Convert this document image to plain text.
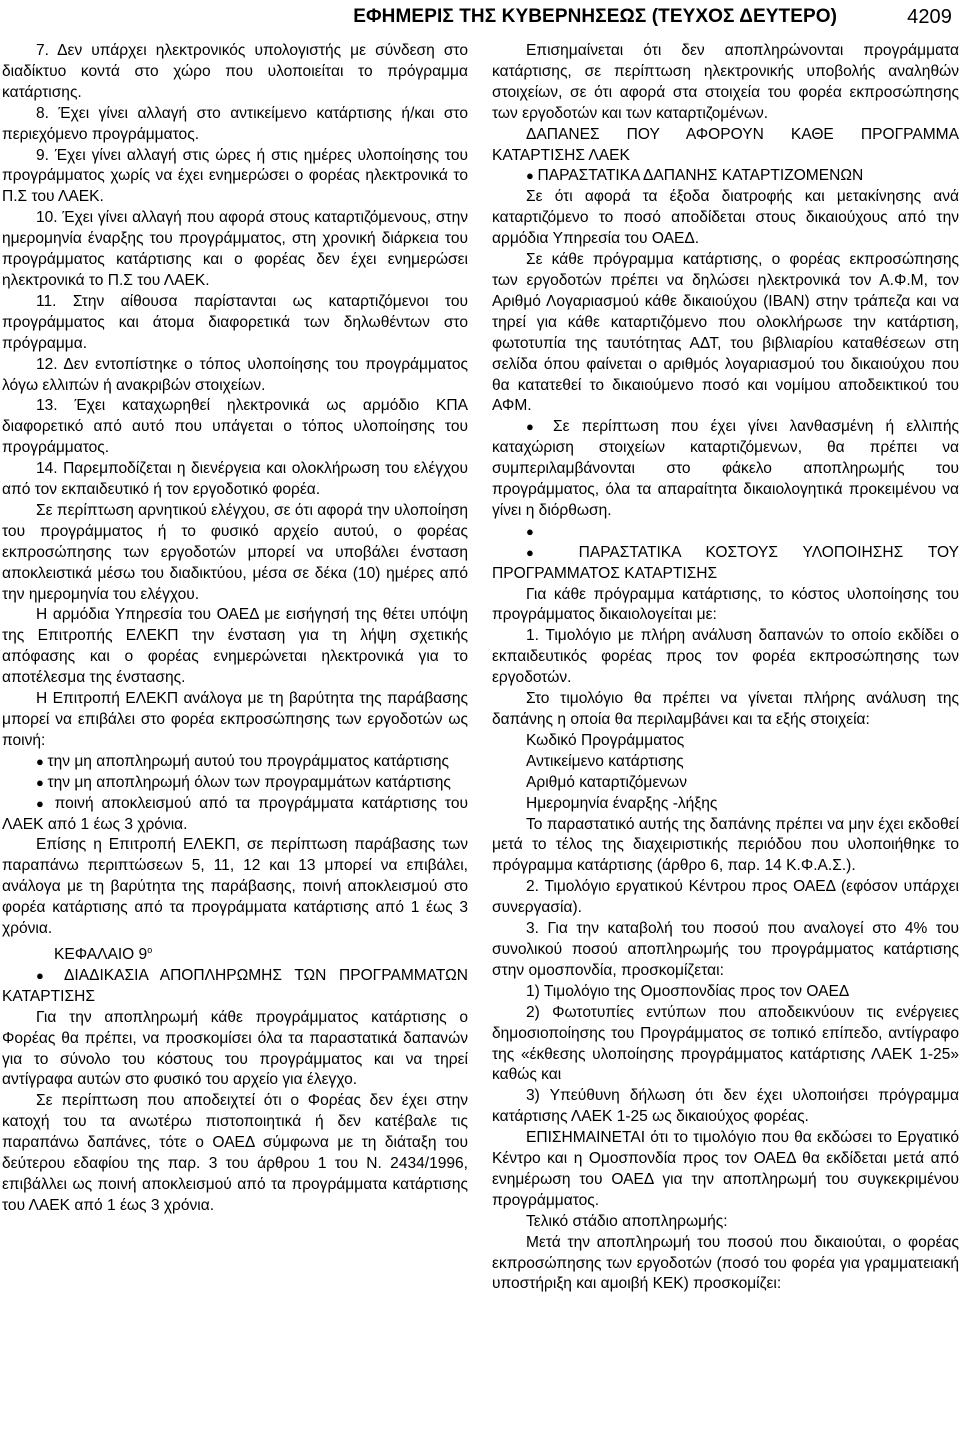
ΕΦΗΜΕΡΙΣ ΤΗΣ ΚΥΒΕΡΝΗΣΕΩΣ (ΤΕΥΧΟΣ ΔΕΥΤΕΡΟ)	4209

7. Δεν υπάρχει ηλεκτρονικός υπολογιστής με σύνδεση στο διαδίκτυο κοντά στο χώρο που υλοποιείται το πρόγραμμα κατάρτισης.

8. Έχει γίνει αλλαγή στο αντικείμενο κατάρτισης ή/και στο περιεχόμενο προγράμματος.

9. Έχει γίνει αλλαγή στις ώρες ή στις ημέρες υλοποίησης του προγράμματος χωρίς να έχει ενημερώσει ο φορέας ηλεκτρονικά το Π.Σ του ΛΑΕΚ.

10. Έχει γίνει αλλαγή που αφορά στους καταρτιζόμενους, στην ημερομηνία έναρξης του προγράμματος, στη χρονική διάρκεια του προγράμματος κατάρτισης και ο φορέας δεν έχει ενημερώσει ηλεκτρονικά το Π.Σ του ΛΑΕΚ.

11. Στην αίθουσα παρίστανται ως καταρτιζόμενοι του προγράμματος και άτομα διαφορετικά των δηλωθέντων στο πρόγραμμα.

12. Δεν εντοπίστηκε ο τόπος υλοποίησης του προγράμματος λόγω ελλιπών ή ανακριβών στοιχείων.

13. Έχει καταχωρηθεί ηλεκτρονικά ως αρμόδιο ΚΠΑ διαφορετικό από αυτό που υπάγεται ο τόπος υλοποίησης του προγράμματος.

14. Παρεμποδίζεται η διενέργεια και ολοκλήρωση του ελέγχου από τον εκπαιδευτικό ή τον εργοδοτικό φορέα.

Σε περίπτωση αρνητικού ελέγχου, σε ότι αφορά την υλοποίηση του προγράμματος ή το φυσικό αρχείο αυτού, ο φορέας εκπροσώπησης των εργοδοτών μπορεί να υποβάλει ένσταση αποκλειστικά μέσω του διαδικτύου, μέσα σε δέκα (10) ημέρες από την ημερομηνία του ελέγχου.

Η αρμόδια Υπηρεσία του ΟΑΕΔ με εισήγησή της θέτει υπόψη της Επιτροπής ΕΛΕΚΠ την ένσταση για τη λήψη σχετικής απόφασης και ο φορέας ενημερώνεται ηλεκτρονικά για το αποτέλεσμα της ένστασης.

Η Επιτροπή ΕΛΕΚΠ ανάλογα με τη βαρύτητα της παράβασης μπορεί να επιβάλει στο φορέα εκπροσώπησης των εργοδοτών ως ποινή:

● την μη αποπληρωμή αυτού του προγράμματος κατάρτισης

● την μη αποπληρωμή όλων των προγραμμάτων κατάρτισης

● ποινή αποκλεισμού από τα προγράμματα κατάρτισης του ΛΑΕΚ από 1 έως 3 χρόνια.

Επίσης η Επιτροπή ΕΛΕΚΠ, σε περίπτωση παράβασης των παραπάνω περιπτώσεων 5, 11, 12 και 13 μπορεί να επιβάλει, ανάλογα με τη βαρύτητα της παράβασης, ποινή αποκλεισμού στο φορέα κατάρτισης από τα προγράμματα κατάρτισης από 1 έως 3 χρόνια.

ΚΕΦΑΛΑΙΟ $9^o$

● ΔΙΑΔΙΚΑΣΙΑ ΑΠΟΠΛΗΡΩΜΗΣ ΤΩΝ ΠΡΟΓΡΑΜΜΑΤΩΝ ΚΑΤΑΡΤΙΣΗΣ

Για την αποπληρωμή κάθε προγράμματος κατάρτισης ο Φορέας θα πρέπει, να προσκομίσει όλα τα παραστατικά δαπανών για το σύνολο του κόστους του προγράμματος και να τηρεί αντίγραφα αυτών στο φυσικό του αρχείο για έλεγχο.

Σε περίπτωση που αποδειχτεί ότι ο Φορέας δεν έχει στην κατοχή του τα ανωτέρω πιστοποιητικά ή δεν κατέβαλε τις παραπάνω δαπάνες, τότε ο ΟΑΕΔ σύμφωνα με τη διάταξη του δεύτερου εδαφίου της παρ. 3 του άρθρου 1 του Ν. 2434/1996, επιβάλλει ως ποινή αποκλεισμού από τα προγράμματα κατάρτισης του ΛΑΕΚ από 1 έως 3 χρόνια.

Επισημαίνεται ότι δεν αποπληρώνονται προγράμματα κατάρτισης, σε περίπτωση ηλεκτρονικής υποβολής αναληθών στοιχείων, σε ότι αφορά στα στοιχεία του φορέα εκπροσώπησης των εργοδοτών και των καταρτιζομένων.

ΔΑΠΑΝΕΣ ΠΟΥ ΑΦΟΡΟΥΝ ΚΑΘΕ ΠΡΟΓΡΑΜΜΑ ΚΑΤΑΡΤΙΣΗΣ ΛΑΕΚ

● ΠΑΡΑΣΤΑΤΙΚΑ ΔΑΠΑΝΗΣ ΚΑΤΑΡΤΙΖΟΜΕΝΩΝ

Σε ότι αφορά τα έξοδα διατροφής και μετακίνησης ανά καταρτιζόμενο το ποσό αποδίδεται στους δικαιούχους από την αρμόδια Υπηρεσία του ΟΑΕΔ.

Σε κάθε πρόγραμμα κατάρτισης, ο φορέας εκπροσώπησης των εργοδοτών πρέπει να δηλώσει ηλεκτρονικά τον Α.Φ.Μ, τον Αριθμό Λογαριασμού κάθε δικαιούχου (IBAN) στην τράπεζα και να τηρεί για κάθε καταρτιζόμενο που ολοκλήρωσε την κατάρτιση, φωτοτυπία της ταυτότητας ΑΔΤ, του βιβλιαρίου καταθέσεων στη σελίδα όπου φαίνεται ο αριθμός λογαριασμού του δικαιούχου που θα κατατεθεί το δικαιούμενο ποσό και νομίμου αποδεικτικού του ΑΦΜ.

● Σε περίπτωση που έχει γίνει λανθασμένη ή ελλιπής καταχώριση στοιχείων καταρτιζόμενων, θα πρέπει να συμπεριλαμβάνονται στο φάκελο αποπληρωμής του προγράμματος, όλα τα απαραίτητα δικαιολογητικά προκειμένου να γίνει η διόρθωση.

●

● ΠΑΡΑΣΤΑΤΙΚΑ ΚΟΣΤΟΥΣ ΥΛΟΠΟΙΗΣΗΣ ΤΟΥ ΠΡΟΓΡΑΜΜΑΤΟΣ ΚΑΤΑΡΤΙΣΗΣ

Για κάθε πρόγραμμα κατάρτισης, το κόστος υλοποίησης του προγράμματος δικαιολογείται με:

1. Τιμολόγιο με πλήρη ανάλυση δαπανών το οποίο εκδίδει ο εκπαιδευτικός φορέας προς τον φορέα εκπροσώπησης των εργοδοτών.

Στο τιμολόγιο θα πρέπει να γίνεται πλήρης ανάλυση της δαπάνης η οποία θα περιλαμβάνει και τα εξής στοιχεία:

Κωδικό Προγράμματος

Αντικείμενο κατάρτισης

Αριθμό καταρτιζόμενων

Ημερομηνία έναρξης -λήξης

Το παραστατικό αυτής της δαπάνης πρέπει να μην έχει εκδοθεί μετά το τέλος της διαχειριστικής περιόδου που υλοποιήθηκε το πρόγραμμα κατάρτισης (άρθρο 6, παρ. 14 Κ.Φ.Α.Σ.).

2. Τιμολόγιο εργατικού Κέντρου προς ΟΑΕΔ (εφόσον υπάρχει συνεργασία).

3. Για την καταβολή του ποσού που αναλογεί στο 4% του συνολικού ποσού αποπληρωμής του προγράμματος κατάρτισης στην ομοσπονδία, προσκομίζεται:

1) Τιμολόγιο της Ομοσπονδίας προς τον ΟΑΕΔ

2) Φωτοτυπίες εντύπων που αποδεικνύουν τις ενέργειες δημοσιοποίησης του Προγράμματος σε τοπικό επίπεδο, αντίγραφο της «έκθεσης υλοποίησης προγράμματος κατάρτισης ΛΑΕΚ 1-25» καθώς και

3) Υπεύθυνη δήλωση ότι δεν έχει υλοποιήσει πρόγραμμα κατάρτισης ΛΑΕΚ 1-25 ως δικαιούχος φορέας.

ΕΠΙΣΗΜΑΙΝΕΤΑΙ ότι το τιμολόγιο που θα εκδώσει το Εργατικό Κέντρο και η Ομοσπονδία προς τον ΟΑΕΔ θα εκδίδεται μετά από ενημέρωση του ΟΑΕΔ για την αποπληρωμή του συγκεκριμένου προγράμματος.

Τελικό στάδιο αποπληρωμής:

Μετά την αποπληρωμή του ποσού που δικαιούται, ο φορέας εκπροσώπησης των εργοδοτών (ποσό του φορέα για γραμματειακή υποστήριξη και αμοιβή ΚΕΚ) προσκομίζει:
